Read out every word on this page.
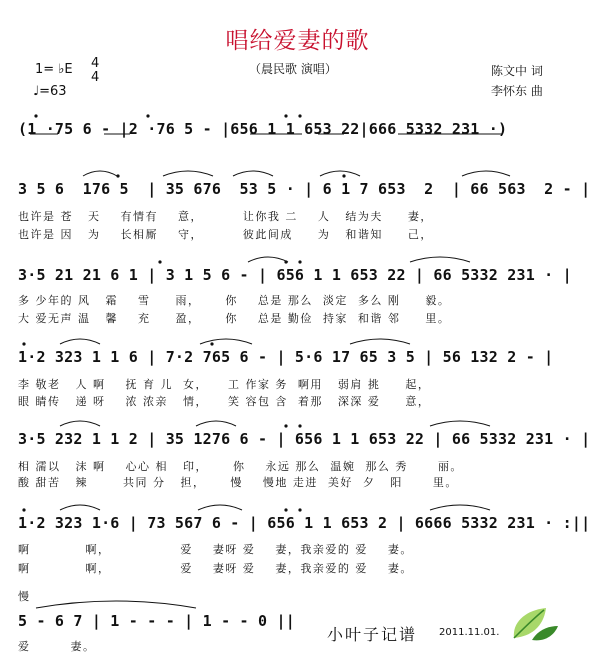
唱给爱妻的歌
（晨民歌 演唱）	陈文中 词
李怀东 曲
1= ♭E 4
4
♩=63
(1 ·75 6 - |2 ·76 5 - |656 1 1 653 22|666 5332 231 ·)
3 5 6  176 5  | 35 676  53 5 · | 6 1 7 653  2  | 66 563  2 - |
也许是 苍   天    有情有    意，        让你我 二    人   结为夫     妻，
也许是 因   为    长相厮    守，        彼此间成     为   和谐知     己，
3·5 21 21 6 1 | 3 1 5 6 - | 656 1 1 653 22 | 66 5332 231 · |
多 少年的 风   霜    雪     雨，     你    总是 那么  淡定  多么 刚     毅。
大 爱无声 温   馨    充     盈，     你    总是 勤俭  持家  和谐 邻     里。
1·2 323 1 1 6 | 7·2 765 6 - | 5·6 17 65 3 5 | 56 132 2 - |
李 敬老   人 啊    抚 育 儿  女，    工 作家 务  啊用   弱肩 挑     起，
眼 睛传   递 呀    浓 浓亲   情，    笑 容包 含  着那   深深 爱     意，
3·5 232 1 1 2 | 35 1276 6 - | 656 1 1 653 22 | 66 5332 231 · |
相 濡以   沫 啊    心心 相   印，     你    永远 那么  温婉  那么 秀      丽。
酸 甜苦   辣       共同 分   担，     慢    慢地 走进  美好  夕   阳      里。
1·2 323 1·6 | 73 567 6 - | 656 1 1 653 2 | 6666 5332 231 · :||
啊           啊，              爱    妻呀 爱    妻，我亲爱的 爱    妻。
啊           啊，              爱    妻呀 爱    妻，我亲爱的 爱    妻。
慢
5 - 6 7 | 1 - - - | 1 - - 0 ||
爱        妻。
小叶子记谱 2011.11.01.
